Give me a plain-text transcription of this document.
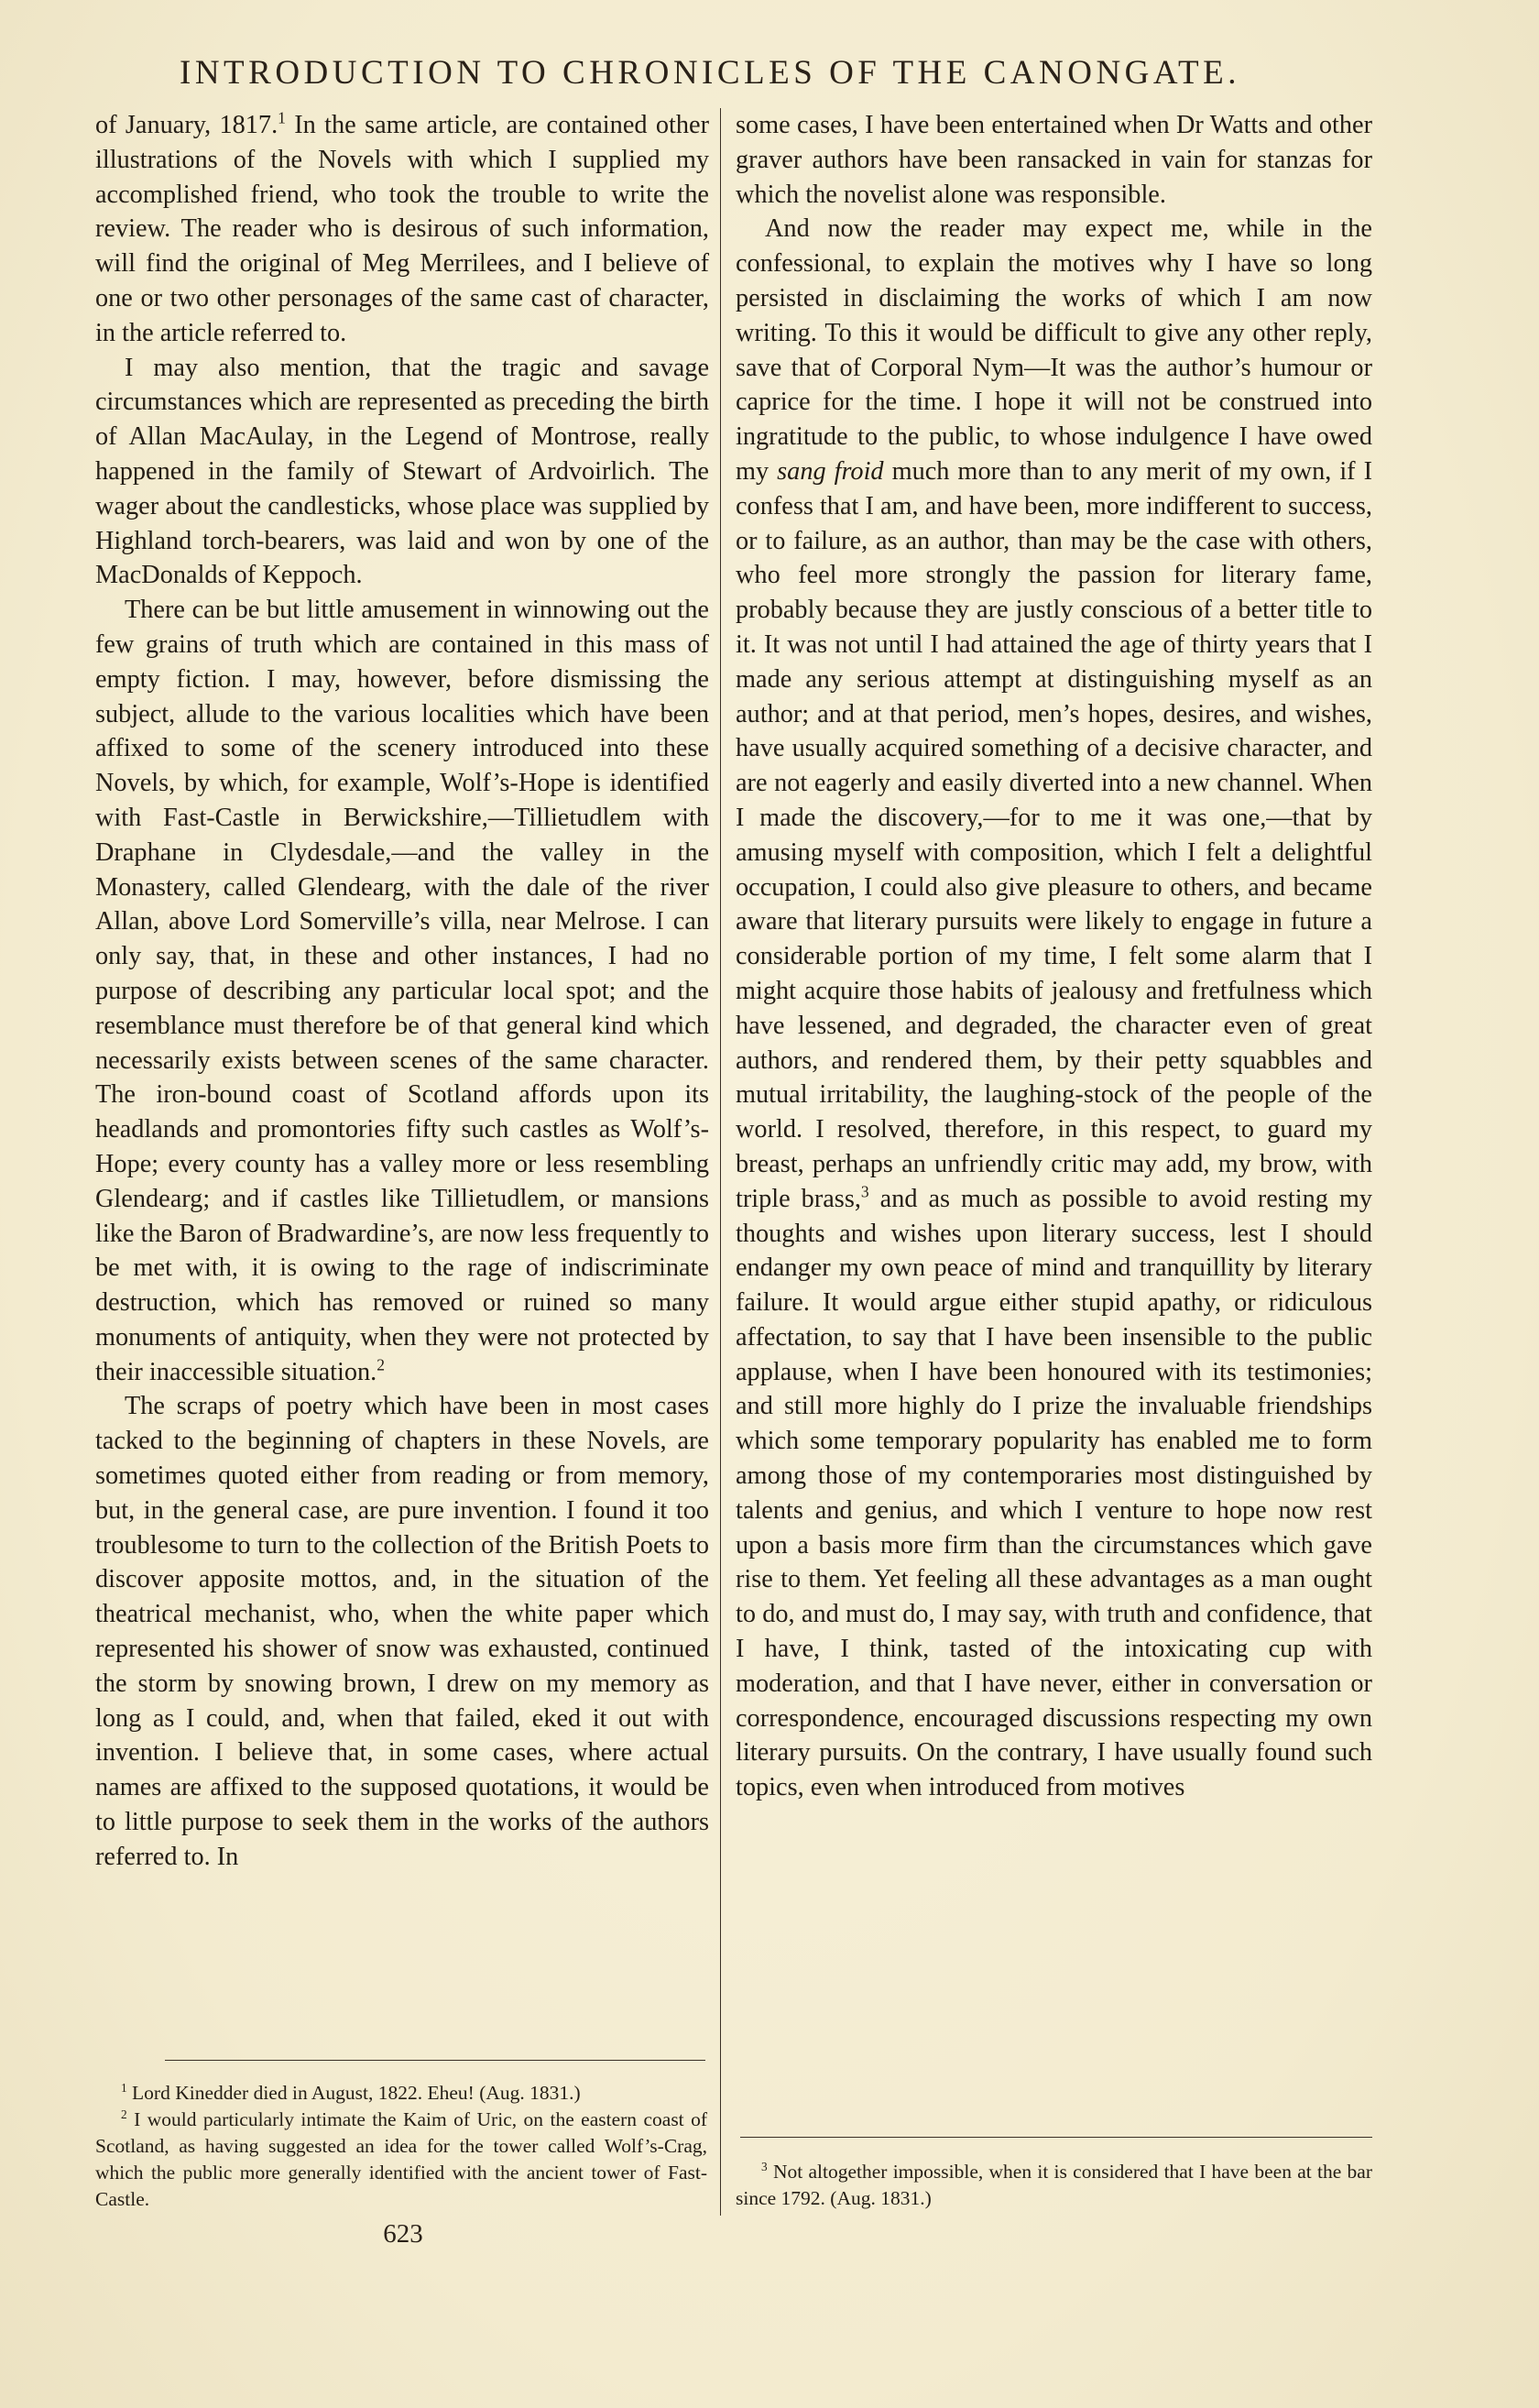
INTRODUCTION TO CHRONICLES OF THE CANONGATE.

of January, 1817.$^1$ In the same article, are contained other illustrations of the Novels with which I supplied my accomplished friend, who took the trouble to write the review. The reader who is desirous of such information, will find the original of Meg Merrilees, and I believe of one or two other personages of the same cast of character, in the article referred to.

I may also mention, that the tragic and savage circumstances which are represented as preceding the birth of Allan MacAulay, in the Legend of Montrose, really happened in the family of Stewart of Ardvoirlich. The wager about the candlesticks, whose place was supplied by Highland torch-bearers, was laid and won by one of the MacDonalds of Keppoch.

There can be but little amusement in winnowing out the few grains of truth which are contained in this mass of empty fiction. I may, however, before dismissing the subject, allude to the various localities which have been affixed to some of the scenery introduced into these Novels, by which, for example, Wolf’s-Hope is identified with Fast-Castle in Berwickshire,—Tillietudlem with Draphane in Clydesdale,—and the valley in the Monastery, called Glendearg, with the dale of the river Allan, above Lord Somerville’s villa, near Melrose. I can only say, that, in these and other instances, I had no purpose of describing any particular local spot; and the resemblance must therefore be of that general kind which necessarily exists between scenes of the same character. The iron-bound coast of Scotland affords upon its headlands and promontories fifty such castles as Wolf’s-Hope; every county has a valley more or less resembling Glendearg; and if castles like Tillietudlem, or mansions like the Baron of Bradwardine’s, are now less frequently to be met with, it is owing to the rage of indiscriminate destruction, which has removed or ruined so many monuments of antiquity, when they were not protected by their inaccessible situation.$^2$

The scraps of poetry which have been in most cases tacked to the beginning of chapters in these Novels, are sometimes quoted either from reading or from memory, but, in the general case, are pure invention. I found it too troublesome to turn to the collection of the British Poets to discover apposite mottos, and, in the situation of the theatrical mechanist, who, when the white paper which represented his shower of snow was exhausted, continued the storm by snowing brown, I drew on my memory as long as I could, and, when that failed, eked it out with invention. I believe that, in some cases, where actual names are affixed to the supposed quotations, it would be to little purpose to seek them in the works of the authors referred to. In

some cases, I have been entertained when Dr Watts and other graver authors have been ransacked in vain for stanzas for which the novelist alone was responsible.

And now the reader may expect me, while in the confessional, to explain the motives why I have so long persisted in disclaiming the works of which I am now writing. To this it would be difficult to give any other reply, save that of Corporal Nym—It was the author’s humour or caprice for the time. I hope it will not be construed into ingratitude to the public, to whose indulgence I have owed my sang froid much more than to any merit of my own, if I confess that I am, and have been, more indifferent to success, or to failure, as an author, than may be the case with others, who feel more strongly the passion for literary fame, probably because they are justly conscious of a better title to it. It was not until I had attained the age of thirty years that I made any serious attempt at distinguishing myself as an author; and at that period, men’s hopes, desires, and wishes, have usually acquired something of a decisive character, and are not eagerly and easily diverted into a new channel. When I made the discovery,—for to me it was one,—that by amusing myself with composition, which I felt a delightful occupation, I could also give pleasure to others, and became aware that literary pursuits were likely to engage in future a considerable portion of my time, I felt some alarm that I might acquire those habits of jealousy and fretfulness which have lessened, and degraded, the character even of great authors, and rendered them, by their petty squabbles and mutual irritability, the laughing-stock of the people of the world. I resolved, therefore, in this respect, to guard my breast, perhaps an unfriendly critic may add, my brow, with triple brass,$^3$ and as much as possible to avoid resting my thoughts and wishes upon literary success, lest I should endanger my own peace of mind and tranquillity by literary failure. It would argue either stupid apathy, or ridiculous affectation, to say that I have been insensible to the public applause, when I have been honoured with its testimonies; and still more highly do I prize the invaluable friendships which some temporary popularity has enabled me to form among those of my contemporaries most distinguished by talents and genius, and which I venture to hope now rest upon a basis more firm than the circumstances which gave rise to them. Yet feeling all these advantages as a man ought to do, and must do, I may say, with truth and confidence, that I have, I think, tasted of the intoxicating cup with moderation, and that I have never, either in conversation or correspondence, encouraged discussions respecting my own literary pursuits. On the contrary, I have usually found such topics, even when introduced from motives

$^1$ Lord Kinedder died in August, 1822. Eheu! (Aug. 1831.)

$^2$ I would particularly intimate the Kaim of Uric, on the eastern coast of Scotland, as having suggested an idea for the tower called Wolf’s-Crag, which the public more generally identified with the ancient tower of Fast-Castle.

$^3$ Not altogether impossible, when it is considered that I have been at the bar since 1792. (Aug. 1831.)

623
